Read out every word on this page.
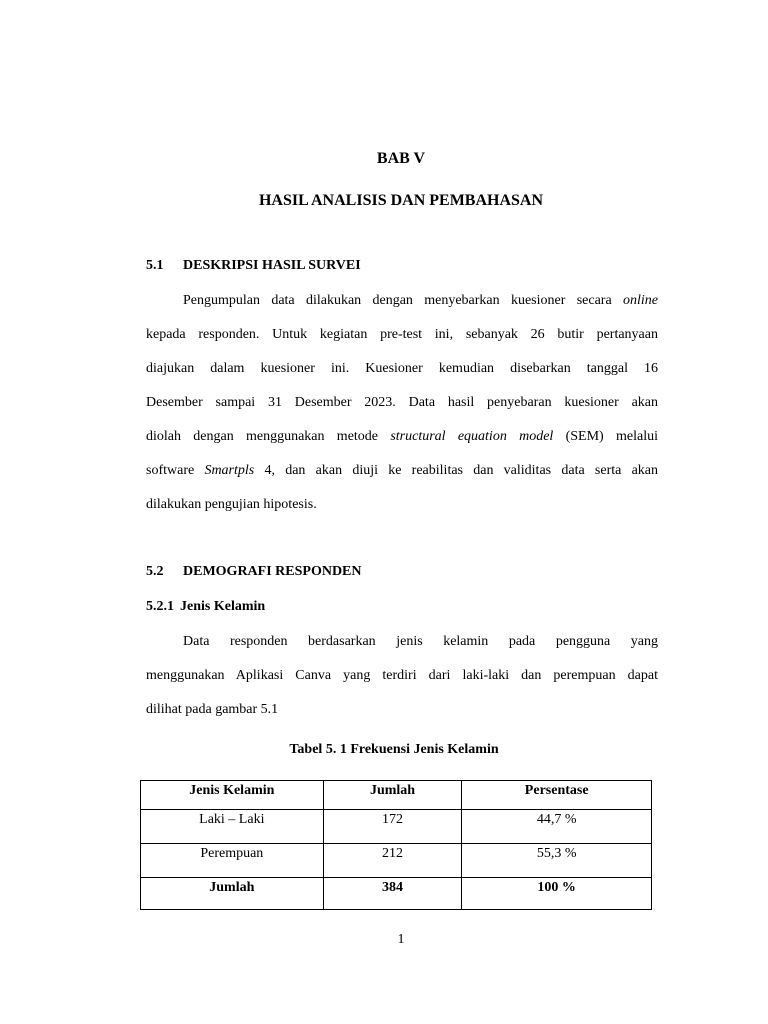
BAB V
HASIL ANALISIS DAN PEMBAHASAN
5.1 DESKRIPSI HASIL SURVEI
Pengumpulan data dilakukan dengan menyebarkan kuesioner secara online
kepada responden. Untuk kegiatan pre-test ini, sebanyak 26 butir pertanyaan
diajukan dalam kuesioner ini. Kuesioner kemudian disebarkan tanggal 16
Desember sampai 31 Desember 2023. Data hasil penyebaran kuesioner akan
diolah dengan menggunakan metode structural equation model (SEM) melalui
software Smartpls 4, dan akan diuji ke reabilitas dan validitas data serta akan
dilakukan pengujian hipotesis.
5.2 DEMOGRAFI RESPONDEN
5.2.1 Jenis Kelamin
Data responden berdasarkan jenis kelamin pada pengguna yang
menggunakan Aplikasi Canva yang terdiri dari laki-laki dan perempuan dapat
dilihat pada gambar 5.1
Tabel 5. 1 Frekuensi Jenis Kelamin
Jenis Kelamin	Jumlah	Persentase
Laki – Laki	172	44,7 %
Perempuan	212	55,3 %
Jumlah	384	100 %
1
